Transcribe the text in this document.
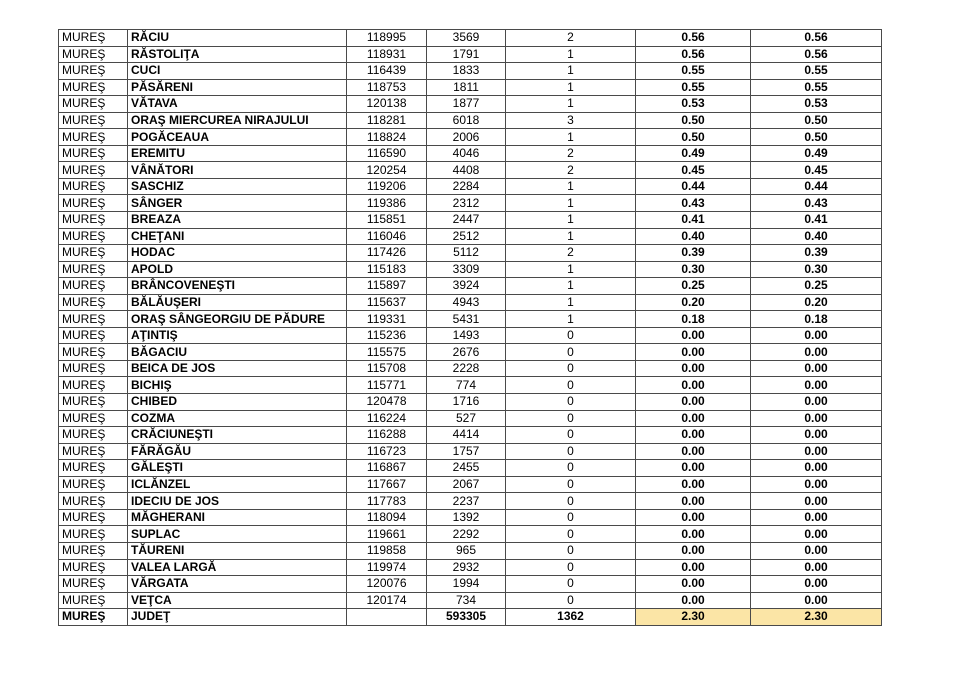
MUREŞ	RĂCIU	118995	3569	2	0.56	0.56
MUREŞ	RĂSTOLIŢA	118931	1791	1	0.56	0.56
MUREŞ	CUCI	116439	1833	1	0.55	0.55
MUREŞ	PĂSĂRENI	118753	1811	1	0.55	0.55
MUREŞ	VĂTAVA	120138	1877	1	0.53	0.53
MUREŞ	ORAŞ MIERCUREA NIRAJULUI	118281	6018	3	0.50	0.50
MUREŞ	POGĂCEAUA	118824	2006	1	0.50	0.50
MUREŞ	EREMITU	116590	4046	2	0.49	0.49
MUREŞ	VÂNĂTORI	120254	4408	2	0.45	0.45
MUREŞ	SASCHIZ	119206	2284	1	0.44	0.44
MUREŞ	SÂNGER	119386	2312	1	0.43	0.43
MUREŞ	BREAZA	115851	2447	1	0.41	0.41
MUREŞ	CHEŢANI	116046	2512	1	0.40	0.40
MUREŞ	HODAC	117426	5112	2	0.39	0.39
MUREŞ	APOLD	115183	3309	1	0.30	0.30
MUREŞ	BRÂNCOVENEŞTI	115897	3924	1	0.25	0.25
MUREŞ	BĂLĂUŞERI	115637	4943	1	0.20	0.20
MUREŞ	ORAŞ SÂNGEORGIU DE PĂDURE	119331	5431	1	0.18	0.18
MUREŞ	AŢINTIŞ	115236	1493	0	0.00	0.00
MUREŞ	BĂGACIU	115575	2676	0	0.00	0.00
MUREŞ	BEICA DE JOS	115708	2228	0	0.00	0.00
MUREŞ	BICHIŞ	115771	774	0	0.00	0.00
MUREŞ	CHIBED	120478	1716	0	0.00	0.00
MUREŞ	COZMA	116224	527	0	0.00	0.00
MUREŞ	CRĂCIUNEŞTI	116288	4414	0	0.00	0.00
MUREŞ	FĂRĂGĂU	116723	1757	0	0.00	0.00
MUREŞ	GĂLEŞTI	116867	2455	0	0.00	0.00
MUREŞ	ICLĂNZEL	117667	2067	0	0.00	0.00
MUREŞ	IDECIU DE JOS	117783	2237	0	0.00	0.00
MUREŞ	MĂGHERANI	118094	1392	0	0.00	0.00
MUREŞ	SUPLAC	119661	2292	0	0.00	0.00
MUREŞ	TĂURENI	119858	965	0	0.00	0.00
MUREŞ	VALEA LARGĂ	119974	2932	0	0.00	0.00
MUREŞ	VĂRGATA	120076	1994	0	0.00	0.00
MUREŞ	VEŢCA	120174	734	0	0.00	0.00
MUREŞ	JUDEŢ		593305	1362	2.30	2.30
